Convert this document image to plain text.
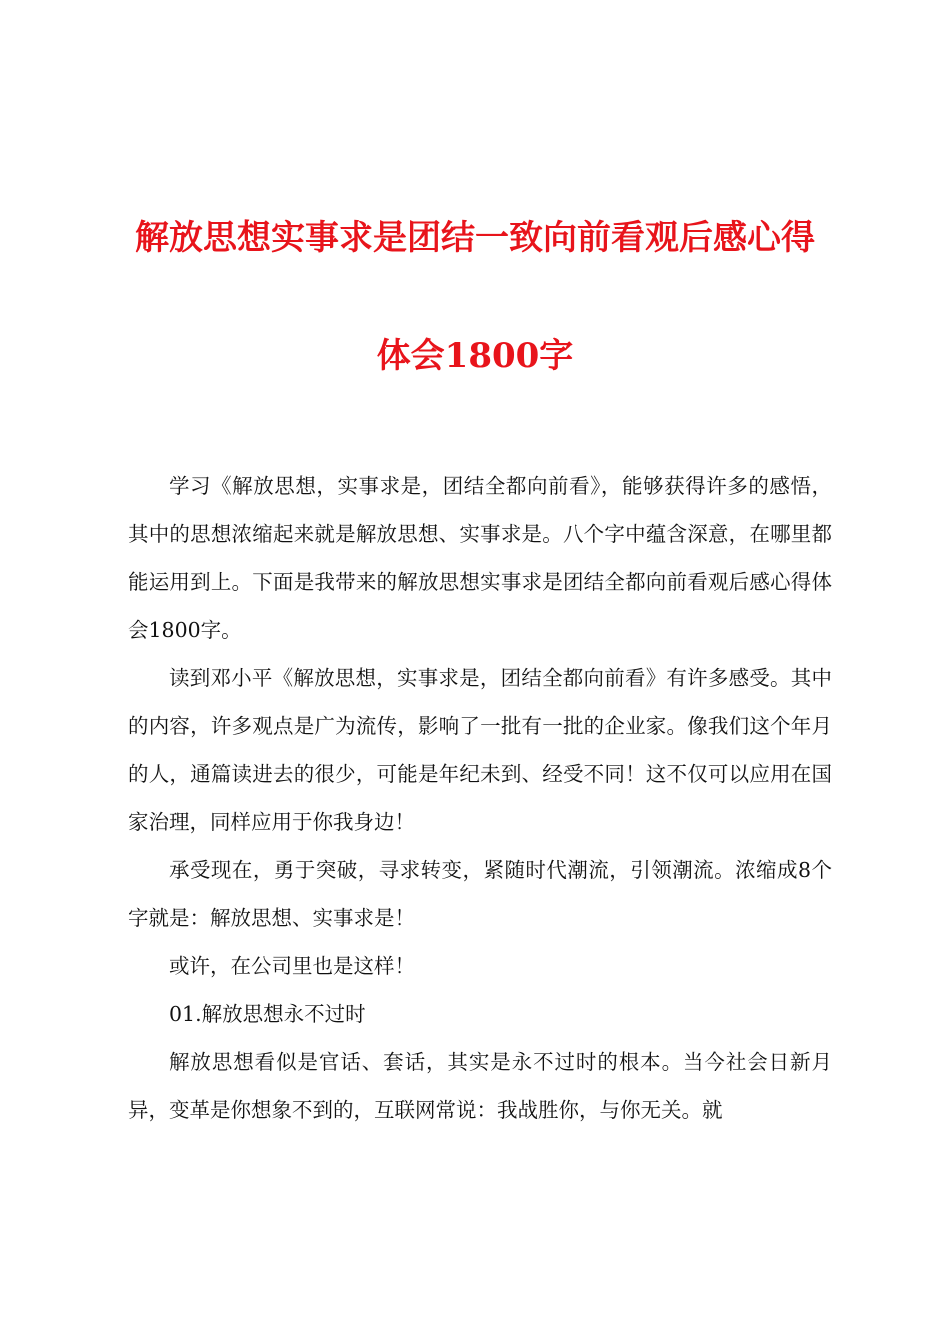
解放思想实事求是团结一致向前看观后感心得
体会1800字

学习《解放思想，实事求是，团结全都向前看》，能够获得许多的感悟，其中的思想浓缩起来就是解放思想、实事求是。八个字中蕴含深意，在哪里都能运用到上。下面是我带来的解放思想实事求是团结全都向前看观后感心得体会1800字。

读到邓小平《解放思想，实事求是，团结全都向前看》有许多感受。其中的内容，许多观点是广为流传，影响了一批有一批的企业家。像我们这个年月的人，通篇读进去的很少，可能是年纪未到、经受不同！这不仅可以应用在国家治理，同样应用于你我身边！

承受现在，勇于突破，寻求转变，紧随时代潮流，引领潮流。浓缩成8个字就是：解放思想、实事求是！

或许，在公司里也是这样！

01.解放思想永不过时

解放思想看似是官话、套话，其实是永不过时的根本。当今社会日新月异，变革是你想象不到的，互联网常说：我战胜你，与你无关。就
